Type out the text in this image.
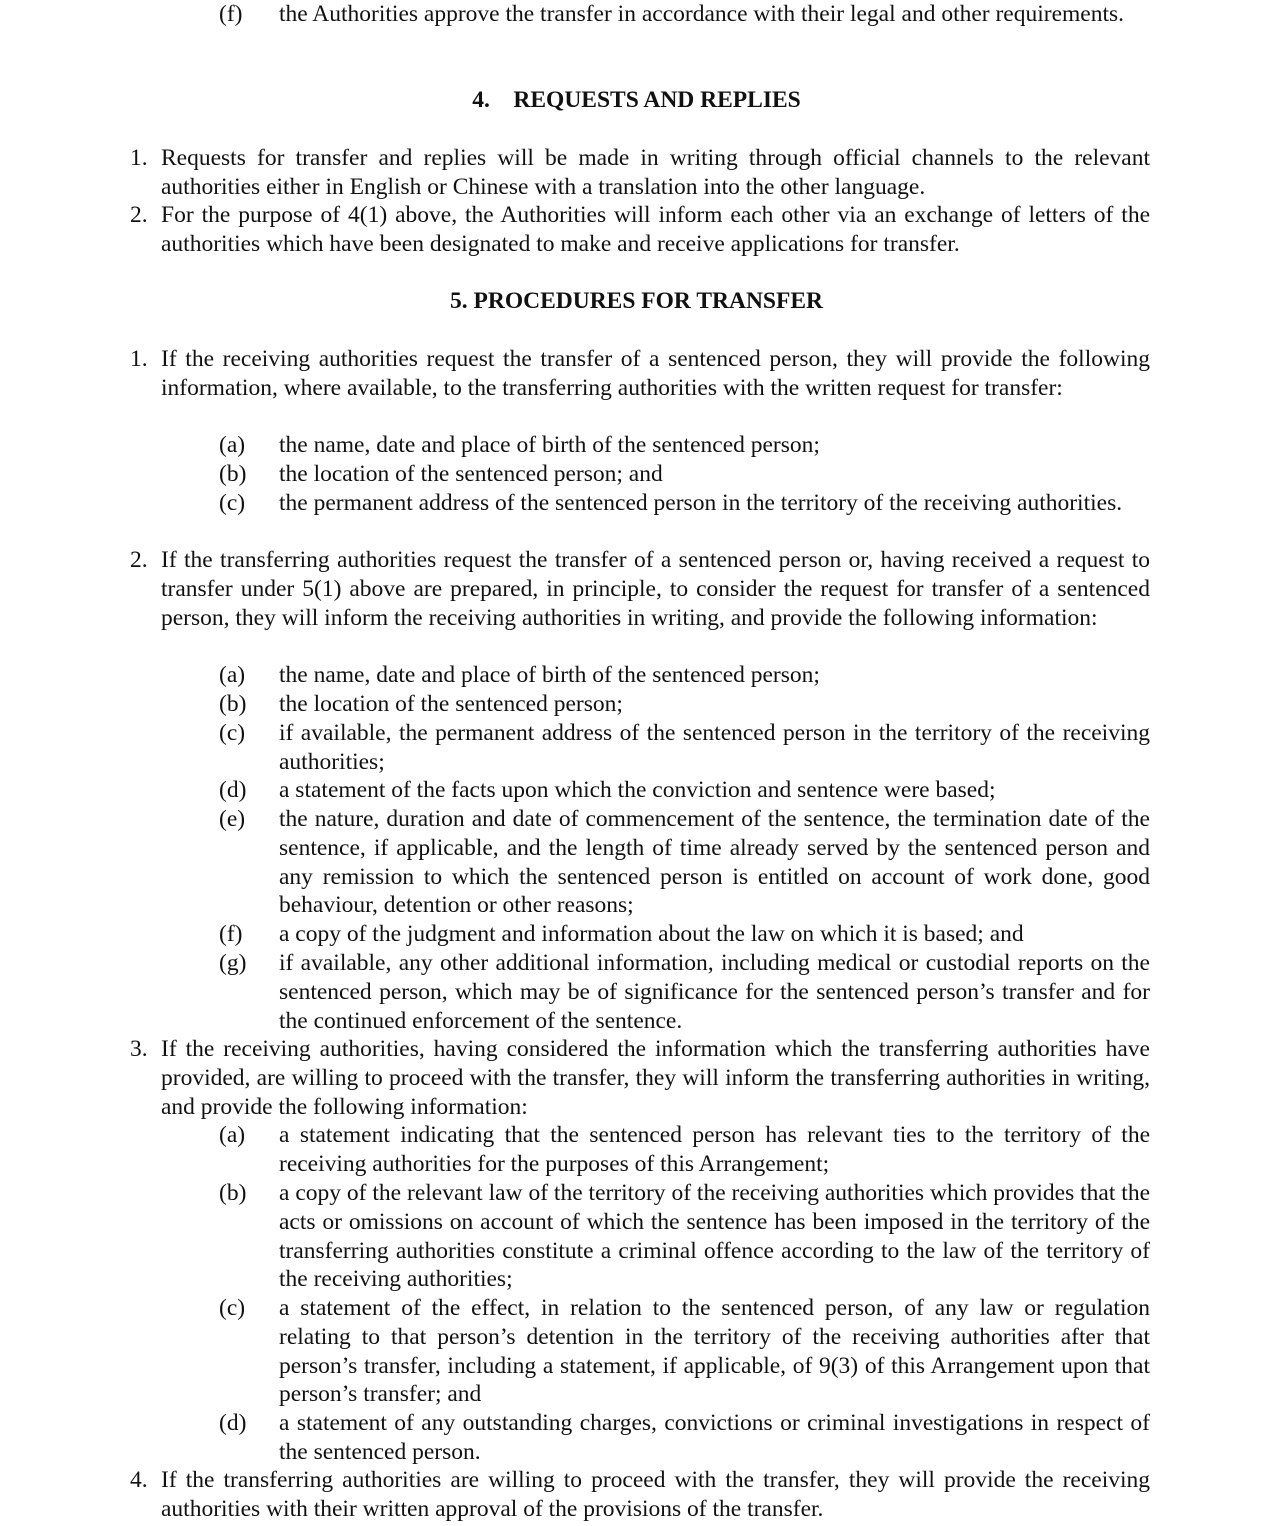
(f)	the Authorities approve the transfer in accordance with their legal and other requirements.
4.    REQUESTS AND REPLIES
1. Requests for transfer and replies will be made in writing through official channels to the relevant authorities either in English or Chinese with a translation into the other language.
2. For the purpose of 4(1) above, the Authorities will inform each other via an exchange of letters of the authorities which have been designated to make and receive applications for transfer.
5. PROCEDURES FOR TRANSFER
1. If the receiving authorities request the transfer of a sentenced person, they will provide the following information, where available, to the transferring authorities with the written request for transfer:
(a)	the name, date and place of birth of the sentenced person;
(b)	the location of the sentenced person; and
(c)	the permanent address of the sentenced person in the territory of the receiving authorities.
2. If the transferring authorities request the transfer of a sentenced person or, having received a request to transfer under 5(1) above are prepared, in principle, to consider the request for transfer of a sentenced person, they will inform the receiving authorities in writing, and provide the following information:
(a)	the name, date and place of birth of the sentenced person;
(b)	the location of the sentenced person;
(c)	if available, the permanent address of the sentenced person in the territory of the receiving authorities;
(d)	a statement of the facts upon which the conviction and sentence were based;
(e)	the nature, duration and date of commencement of the sentence, the termination date of the sentence, if applicable, and the length of time already served by the sentenced person and any remission to which the sentenced person is entitled on account of work done, good behaviour, detention or other reasons;
(f)	a copy of the judgment and information about the law on which it is based; and
(g)	if available, any other additional information, including medical or custodial reports on the sentenced person, which may be of significance for the sentenced person’s transfer and for the continued enforcement of the sentence.
3. If the receiving authorities, having considered the information which the transferring authorities have provided, are willing to proceed with the transfer, they will inform the transferring authorities in writing, and provide the following information:
(a)	a statement indicating that the sentenced person has relevant ties to the territory of the receiving authorities for the purposes of this Arrangement;
(b)	a copy of the relevant law of the territory of the receiving authorities which provides that the acts or omissions on account of which the sentence has been imposed in the territory of the transferring authorities constitute a criminal offence according to the law of the territory of the receiving authorities;
(c)	a statement of the effect, in relation to the sentenced person, of any law or regulation relating to that person’s detention in the territory of the receiving authorities after that person’s transfer, including a statement, if applicable, of 9(3) of this Arrangement upon that person’s transfer; and
(d)	a statement of any outstanding charges, convictions or criminal investigations in respect of the sentenced person.
4. If the transferring authorities are willing to proceed with the transfer, they will provide the receiving authorities with their written approval of the provisions of the transfer.
